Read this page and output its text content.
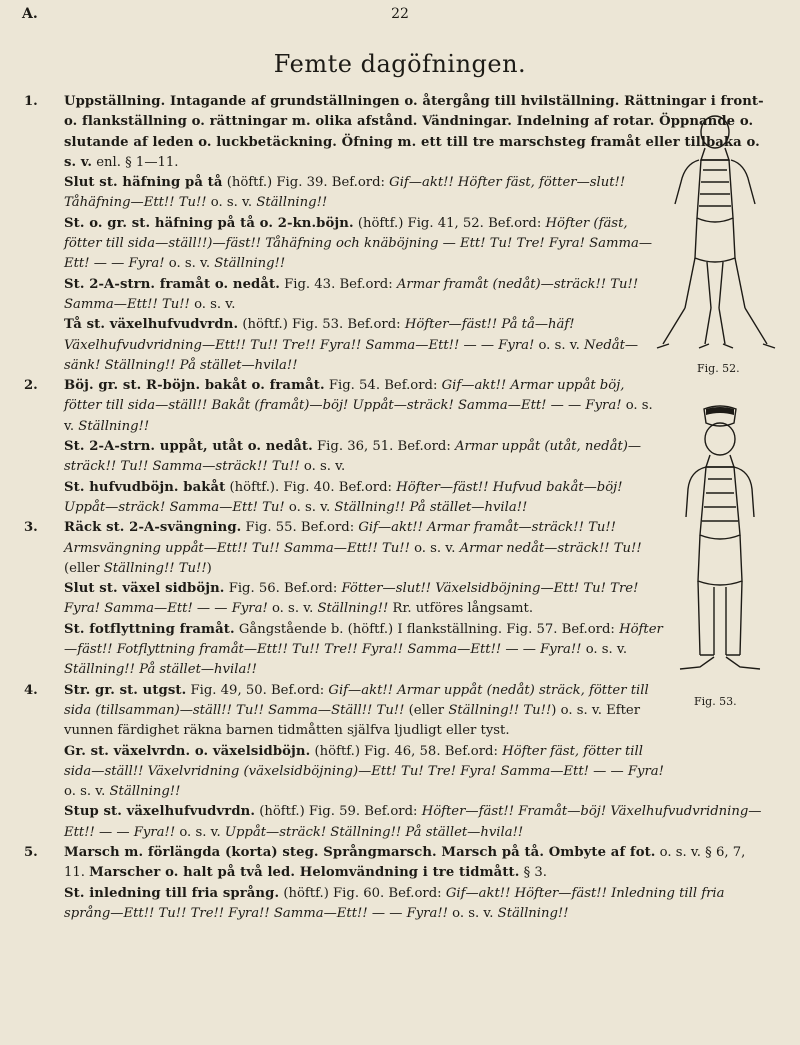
A.	22
Femte dagöfningen.
1. Uppställning. Intagande af grundställningen o. återgång till hvilställning. Rättningar i front- o. flankställning o. rättningar m. olika afstånd. Vändningar. Indelning af rotar. Öppnande o. slutande af leden o. luckbetäckning. Öfning m. ett till tre marschsteg framåt eller tillbaka o. s. v. enl. § 1—11.
Slut st. häfning på tå (höftf.) Fig. 39. Bef.ord: Gif—akt!! Höfter fäst, fötter—slut!! Tåhäfning—Ett!! Tu!! o. s. v. Ställning!!
St. o. gr. st. häfning på tå o. 2-kn.böjn. (höftf.) Fig. 41, 52. Bef.ord: Höfter (fäst, fötter till sida—ställ!!)—fäst!! Tåhäfning och knäböjning — Ett! Tu! Tre! Fyra! Samma—Ett! — — Fyra! o. s. v. Ställning!!
St. 2-A-strn. framåt o. nedåt. Fig. 43. Bef.ord: Armar framåt (nedåt)—sträck!! Tu!! Samma—Ett!! Tu!! o. s. v.
Tå st. växelhufvudvrdn. (höftf.) Fig. 53. Bef.ord: Höfter—fäst!! På tå—häf! Växelhufvudvridning—Ett!! Tu!! Tre!! Fyra!! Samma—Ett!! — — Fyra! o. s. v. Nedåt—sänk! Ställning!! På stället—hvila!!
2. Böj. gr. st. R-böjn. bakåt o. framåt. Fig. 54. Bef.ord: Gif—akt!! Armar uppåt böj, fötter till sida—ställ!! Bakåt (framåt)—böj! Uppåt—sträck! Samma—Ett! — — Fyra! o. s. v. Ställning!!
St. 2-A-strn. uppåt, utåt o. nedåt. Fig. 36, 51. Bef.ord: Armar uppåt (utåt, nedåt)—sträck!! Tu!! Samma—sträck!! Tu!! o. s. v.
St. hufvudböjn. bakåt (höftf.). Fig. 40. Bef.ord: Höfter—fäst!! Hufvud bakåt—böj! Uppåt—sträck! Samma—Ett! Tu! o. s. v. Ställning!! På stället—hvila!!
3. Räck st. 2-A-svängning. Fig. 55. Bef.ord: Gif—akt!! Armar framåt—sträck!! Tu!! Armsvängning uppåt—Ett!! Tu!! Samma—Ett!! Tu!! o. s. v. Armar nedåt—sträck!! Tu!! (eller Ställning!! Tu!!)
Slut st. växel sidböjn. Fig. 56. Bef.ord: Fötter—slut!! Växelsidböjning—Ett! Tu! Tre! Fyra! Samma—Ett! — — Fyra! o. s. v. Ställning!! Rr. utföres långsamt.
St. fotflyttning framåt. Gångstående b. (höftf.) I flankställning. Fig. 57. Bef.ord: Höfter—fäst!! Fotflyttning framåt—Ett!! Tu!! Tre!! Fyra!! Samma—Ett!! — — Fyra!! o. s. v. Ställning!! På stället—hvila!!
4. Str. gr. st. utgst. Fig. 49, 50. Bef.ord: Gif—akt!! Armar uppåt (nedåt) sträck, fötter till sida (tillsamman)—ställ!! Tu!! Samma—Ställ!! Tu!! (eller Ställning!! Tu!!) o. s. v. Efter vunnen färdighet räkna barnen tidmåtten själfva ljudligt eller tyst.
Gr. st. växelvrdn. o. växelsidböjn. (höftf.) Fig. 46, 58. Bef.ord: Höfter fäst, fötter till sida—ställ!! Växelvridning (växelsidböjning)—Ett! Tu! Tre! Fyra! Samma—Ett! — — Fyra! o. s. v. Ställning!!
Stup st. växelhufvudvrdn. (höftf.) Fig. 59. Bef.ord: Höfter—fäst!! Framåt—böj! Växelhufvudvridning—Ett!! — — Fyra!! o. s. v. Uppåt—sträck! Ställning!! På stället—hvila!!
5. Marsch m. förlängda (korta) steg. Språngmarsch. Marsch på tå. Ombyte af fot. o. s. v. § 6, 7, 11. Marscher o. halt på två led. Helomvändning i tre tidmått. § 3.
St. inledning till fria språng. (höftf.) Fig. 60. Bef.ord: Gif—akt!! Höfter—fäst!! Inledning till fria språng—Ett!! Tu!! Tre!! Fyra!! Samma—Ett!! — — Fyra!! o. s. v. Ställning!!
Fig. 52.
Fig. 53.
